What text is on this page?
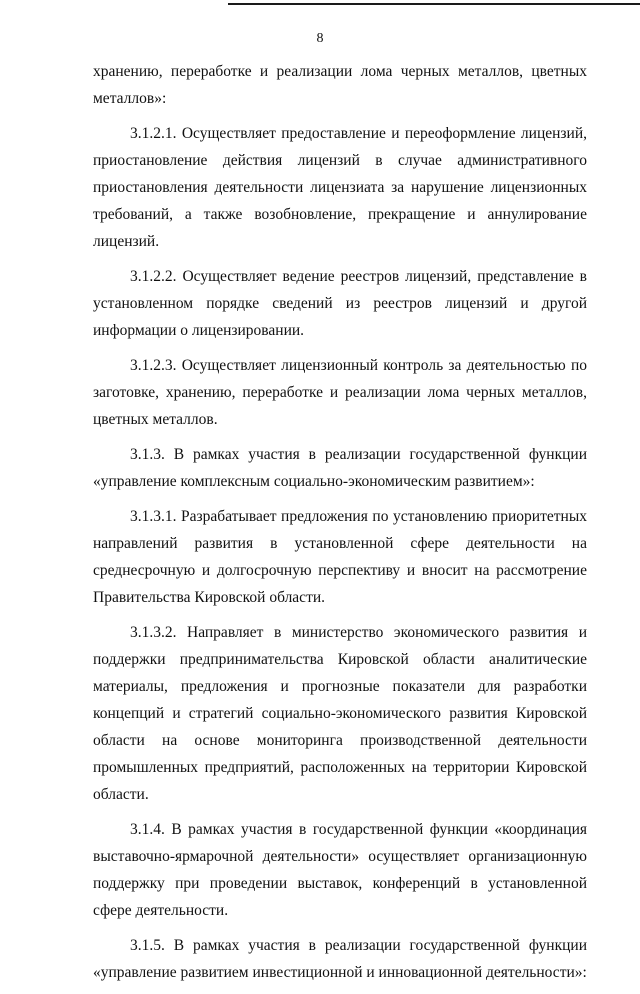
8

хранению, переработке и реализации лома черных металлов, цветных металлов»:

3.1.2.1. Осуществляет предоставление и переоформление лицензий, приостановление действия лицензий в случае административного приостановления деятельности лицензиата за нарушение лицензионных требований, а также возобновление, прекращение и аннулирование лицензий.

3.1.2.2. Осуществляет ведение реестров лицензий, представление в установленном порядке сведений из реестров лицензий и другой информации о лицензировании.

3.1.2.3. Осуществляет лицензионный контроль за деятельностью по заготовке, хранению, переработке и реализации лома черных металлов, цветных металлов.

3.1.3. В рамках участия в реализации государственной функции «управление комплексным социально-экономическим развитием»:

3.1.3.1. Разрабатывает предложения по установлению приоритетных направлений развития в установленной сфере деятельности на среднесрочную и долгосрочную перспективу и вносит на рассмотрение Правительства Кировской области.

3.1.3.2. Направляет в министерство экономического развития и поддержки предпринимательства Кировской области аналитические материалы, предложения и прогнозные показатели для разработки концепций и стратегий социально-экономического развития Кировской области на основе мониторинга производственной деятельности промышленных предприятий, расположенных на территории Кировской области.

3.1.4. В рамках участия в государственной функции «координация выставочно-ярмарочной деятельности» осуществляет организационную поддержку при проведении выставок, конференций в установленной сфере деятельности.

3.1.5. В рамках участия в реализации государственной функции «управление развитием инвестиционной и инновационной деятельности»:
